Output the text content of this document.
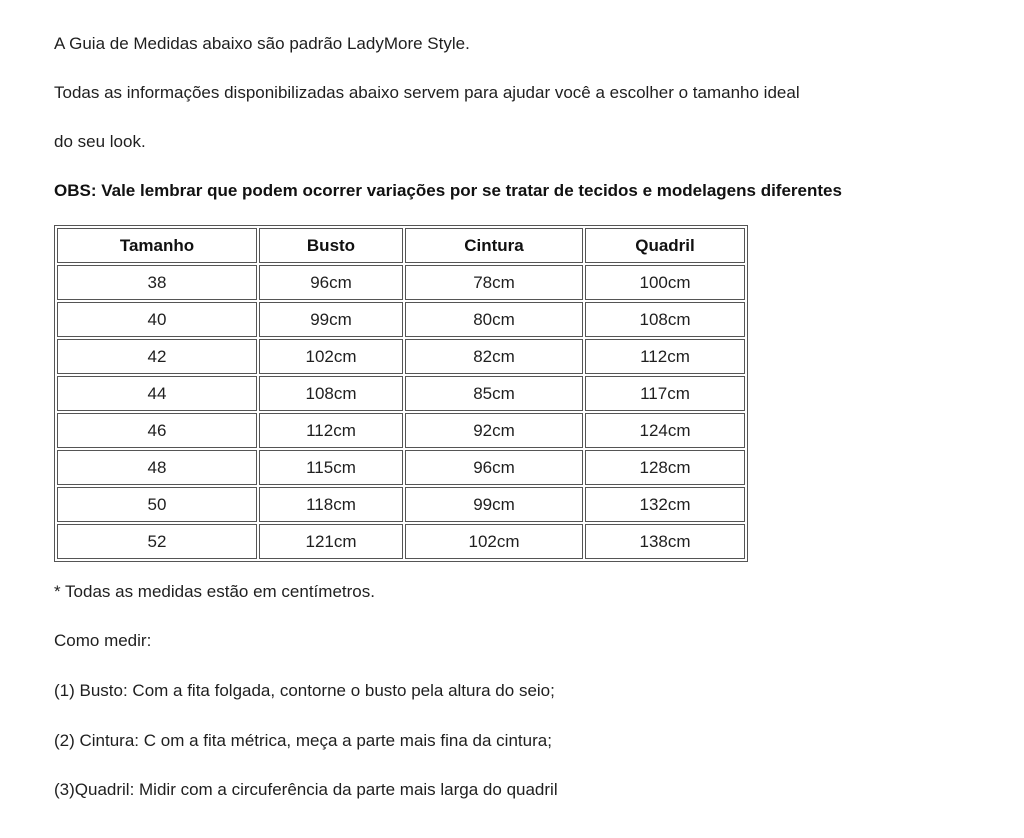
A Guia de Medidas abaixo são padrão LadyMore Style.

Todas as informações disponibilizadas abaixo servem para ajudar você a escolher o tamanho ideal

do seu look.

OBS: Vale lembrar que podem ocorrer variações por se tratar de tecidos e modelagens diferentes

Tamanho	Busto	Cintura	Quadril
38	96cm	78cm	100cm
40	99cm	80cm	108cm
42	102cm	82cm	112cm
44	108cm	85cm	117cm
46	112cm	92cm	124cm
48	115cm	96cm	128cm
50	118cm	99cm	132cm
52	121cm	102cm	138cm

* Todas as medidas estão em centímetros.

Como medir:

(1) Busto: Com a fita folgada, contorne o busto pela altura do seio;

(2) Cintura: C om a fita métrica, meça a parte mais fina da cintura;

(3)Quadril: Midir com a circuferência da parte mais larga do quadril
